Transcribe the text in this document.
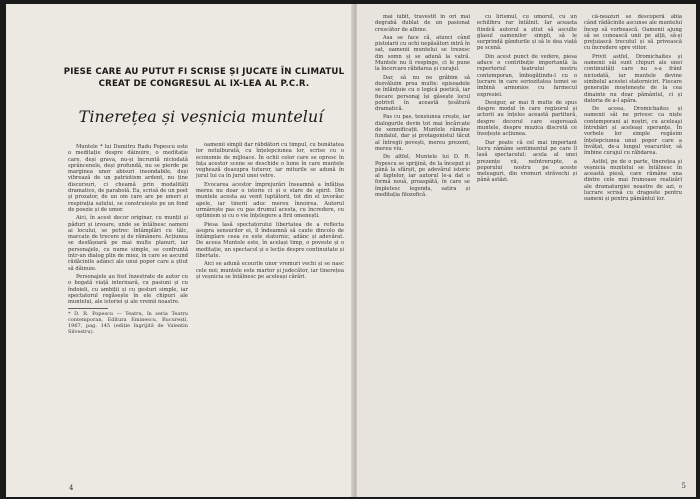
PIESE CARE AU PUTUT FI SCRISE ȘI JUCATE ÎN CLIMATUL
CREAT DE CONGRESUL AL IX-LEA AL P.C.R.
Tinerețea și veșnicia munteluí

Muntele * lui Dumitru Radu Popescu este o meditație despre dăinuire, o meditație care, deși grava, nu-și încruntă niciodată sprâncenele, deși profundă, nu se pierde pe marginea unor abisuri insondabile, deși vibrează de un patriotism ardent, nu ține discursuri, ci cheamă prin modalități dramatice, de parabolă. Ea, scrisă de un poet și prozator, de un om care are pe umeri și respirația satului, se construiește pe un fond de poezie și de umor.

Aici, în acest decor originar, cu munții și păduri și izvoare, unde se întâlnesc oameni ai locului, se petrec întâmplări cu tâlc, marcate de trecere și de rămânere. Acțiunea se desfășoară pe mai multe planuri, iar personajele, cu nume simple, se confruntă într-un dialog plin de miez, în care se ascund rădăcinile adânci ale unui popor care a știut să dăinuie.

Personajele au fost înzestrate de autor cu o bogată viață interioară, cu pasiuni și cu îndoieli, cu ambiții și cu gesturi simple, iar spectatorul regăsește în ele chipuri ale muntelui, ale istoriei și ale vremii noastre.

* D. R. Popescu — Teatru, în seria Teatru contemporan, Editura Eminescu, București, 1967, pag. 145 (ediție îngrijită de Valentin Silvestru).

oamenii simpli dar răbdători cu timpul, cu bunătatea lor netulburată, cu înțelepciunea lor, scrise cu o economie de mijloace. În ochii celor care se opresc în fața acestor scene se deschide o lume în care muntele veghează deasupra tuturor, iar miturile se adună în jurul lui ca în jurul unei vetre.

Evocarea acestor împrejurări înseamnă a înfățișa mereu nu doar o istorie ci și o stare de spirit. Din muntele acesta au venit luptătorii, tot din el izvorăsc apele, iar tinerii aduc mereu înnoirea. Autorul urmărește pas cu pas drumul acesta, cu încredere, cu optimism și cu o vie înțelegere a firii omenești.

Piesa lasă spectatorului libertatea de a reflecta asupra sensurilor ei, îl îndeamnă să caute dincolo de întâmplare ceea ce este statornic, adânc și adevărat. De aceea Muntele este, în același timp, o poveste și o meditație, un spectacol și o lecție despre continuitate și libertate.

Aici se adună ecourile unor vremuri vechi și se nasc cele noi; muntele este martor și judecător, iar tinerețea și veșnicia se întâlnesc pe aceleași cărări.

4

mai iubit, travestit în ori mai degrabă dublat de un pasionat crescător de albine.

Asa se face că, atunci când pistolarii cu ochi nepăsători intră în sat, oamenii muntelui se trezesc din somn și se adună la vatră. Muntele nu îi respinge, ci le pune la încercare răbdarea și curajul.

Dar, să nu ne grăbim să dezvăluim prea multe: episoadele se înlănțuie cu o logică poetică, iar fiecare personaj își găsește locul potrivit în această țesătură dramatică.

Pas cu pas, tensiunea crește, iar dialogurile devin tot mai încărcate de semnificații. Muntele rămâne fundalul, dar și protagonistul tăcut al întregii povești, mereu prezent, mereu viu.

De altfel, Muntele lui D. R. Popescu se sprijină, de la început și până la sfârșit, pe adevărul istoric al faptelor, iar autorul le-a dat o formă nouă, proaspătă, în care se împletesc legenda, satira și meditația filozofică.

cu lirismul, cu umorul, cu un echilibru rar întâlnit. Iar aceasta fiindcă autorul a știut să asculte glasul oamenilor simpli, să le surprindă gândurile și să le dea viață pe scenă.

Din acest punct de vedere, piesa aduce o contribuție importantă la repertoriul teatrului nostru contemporan, îmbogățindu-l cu o lucrare în care seriozitatea temei se îmbină armonios cu farmecul expresiei.

Desigur, ar mai fi multe de spus despre modul în care regizorul și actorii au înțeles această partitură, despre decorul care sugerează muntele, despre muzica discretă ce însoțește acțiunea.

Dar poate că cel mai important lucru rămâne sentimentul pe care îl lasă spectacolul: acela al unei prezențe vii, neîntrerupte, a poporului nostru pe aceste meleaguri, din vremuri străvechi și până astăzi.

că-neazuri se descoperă abia când rădăcinile ascunse ale muntelui încep să vorbească. Oamenii ajung să se cunoască unii pe alții, să-și prețuiască trecutul și să privească cu încredere spre viitor.

Privit astfel, Dromichaites și oamenii săi sunt chipuri ale unei continuități care nu s-a frânt niciodată, iar muntele devine simbolul acestei statorniciri. Fiecare generație moștenește de la cea dinainte nu doar pământul, ci și datoria de a-l apăra.

De aceea, Dromichaites și oamenii săi ne privesc ca niște contemporani ai noștri, cu aceleași întrebări și aceleași speranțe. În vorbele lor simple regăsim înțelepciunea unui popor care a învățat, de-a lungul veacurilor, să îmbine curajul cu răbdarea.

Astfel, pe de o parte, tinerețea și veșnicia muntelui se întâlnesc în această piesă, care rămâne una dintre cele mai frumoase realizări ale dramaturgiei noastre de azi, o lucrare scrisă cu dragoste pentru oameni și pentru pământul lor.

5
